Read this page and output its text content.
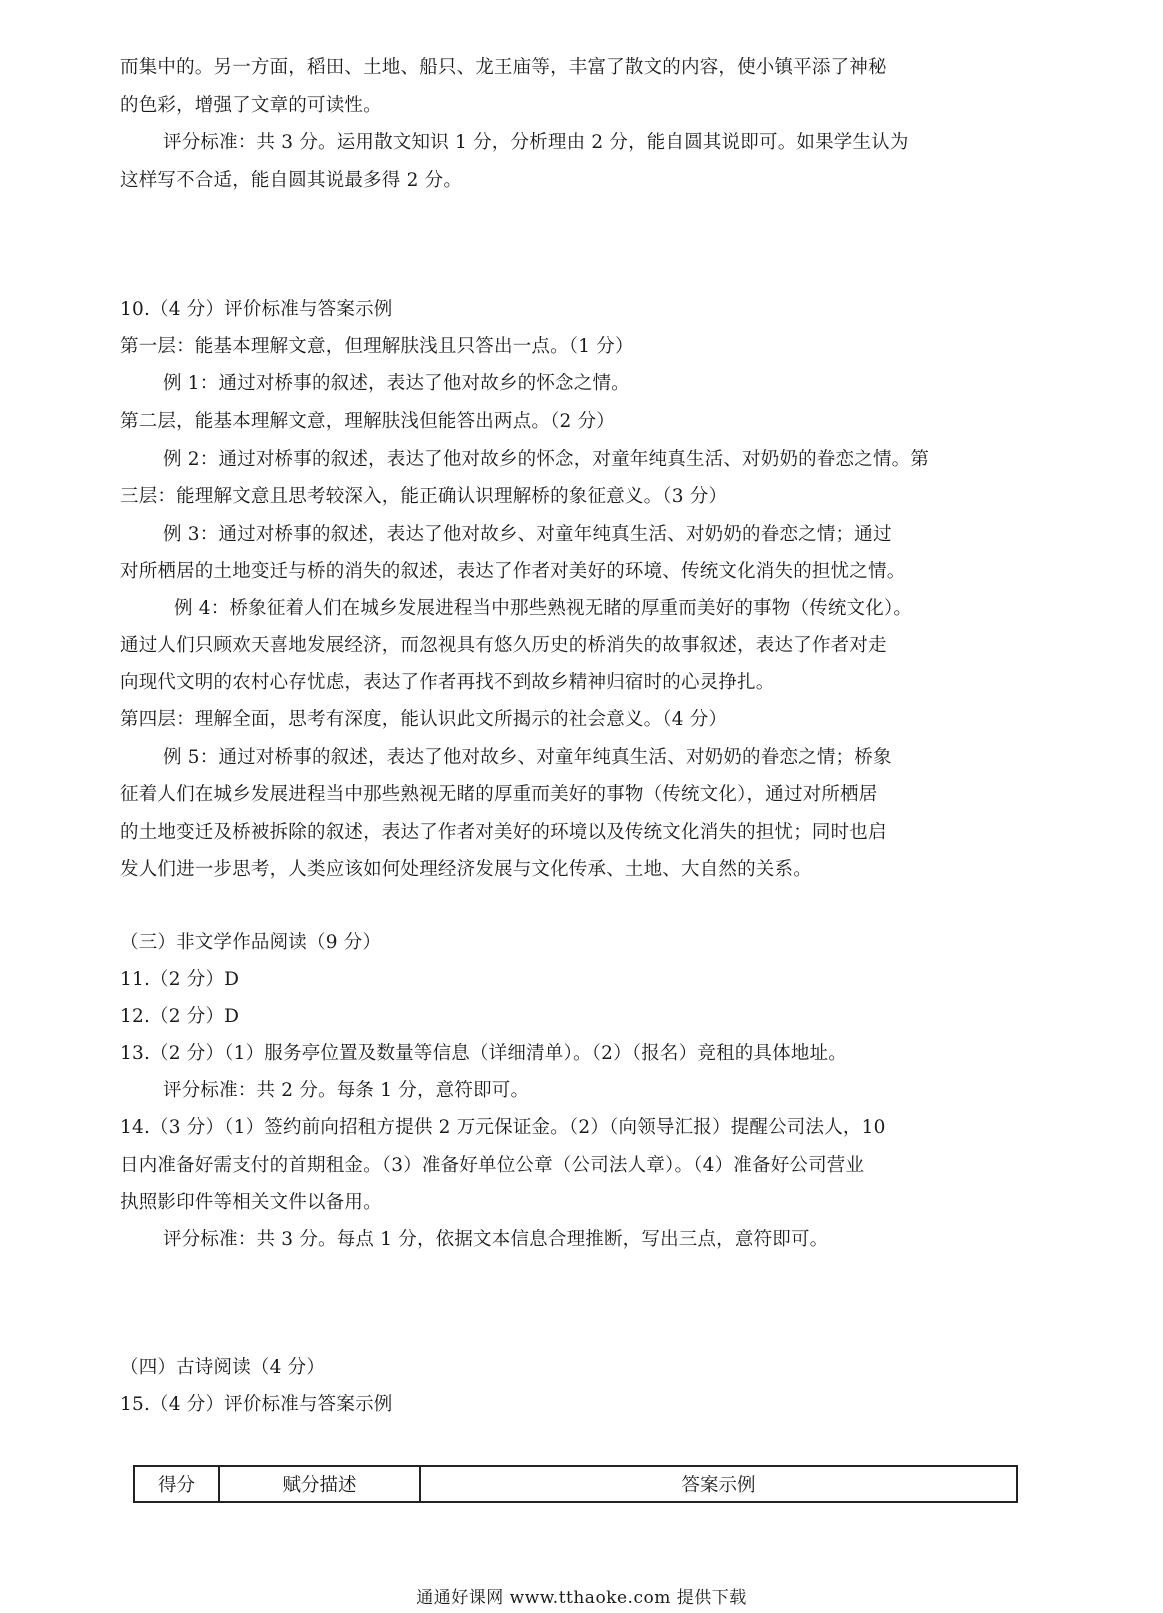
而集中的。另一方面，稻田、土地、船只、龙王庙等，丰富了散文的内容，使小镇平添了神秘
的色彩，增强了文章的可读性。
评分标准：共 3 分。运用散文知识 1 分，分析理由 2 分，能自圆其说即可。如果学生认为
这样写不合适，能自圆其说最多得 2 分。
10.（4 分）评价标准与答案示例
第一层：能基本理解文意，但理解肤浅且只答出一点。（1 分）
例 1：通过对桥事的叙述，表达了他对故乡的怀念之情。
第二层，能基本理解文意，理解肤浅但能答出两点。（2 分）
例 2：通过对桥事的叙述，表达了他对故乡的怀念，对童年纯真生活、对奶奶的眷恋之情。第
三层：能理解文意且思考较深入，能正确认识理解桥的象征意义。（3 分）
例 3：通过对桥事的叙述，表达了他对故乡、对童年纯真生活、对奶奶的眷恋之情；通过
对所栖居的土地变迁与桥的消失的叙述，表达了作者对美好的环境、传统文化消失的担忧之情。
例 4：桥象征着人们在城乡发展进程当中那些熟视无睹的厚重而美好的事物（传统文化）。
通过人们只顾欢天喜地发展经济，而忽视具有悠久历史的桥消失的故事叙述，表达了作者对走
向现代文明的农村心存忧虑，表达了作者再找不到故乡精神归宿时的心灵挣扎。
第四层：理解全面，思考有深度，能认识此文所揭示的社会意义。（4 分）
例 5：通过对桥事的叙述，表达了他对故乡、对童年纯真生活、对奶奶的眷恋之情；桥象
征着人们在城乡发展进程当中那些熟视无睹的厚重而美好的事物（传统文化），通过对所栖居
的土地变迁及桥被拆除的叙述，表达了作者对美好的环境以及传统文化消失的担忧；同时也启
发人们进一步思考，人类应该如何处理经济发展与文化传承、土地、大自然的关系。
（三）非文学作品阅读（9 分）
11.（2 分）D
12.（2 分）D
13.（2 分）（1）服务亭位置及数量等信息（详细清单）。（2）（报名）竞租的具体地址。
评分标准：共 2 分。每条 1 分，意符即可。
14.（3 分）（1）签约前向招租方提供 2 万元保证金。（2）（向领导汇报）提醒公司法人，10
日内准备好需支付的首期租金。（3）准备好单位公章（公司法人章）。（4）准备好公司营业
执照影印件等相关文件以备用。
评分标准：共 3 分。每点 1 分，依据文本信息合理推断，写出三点，意符即可。
（四）古诗阅读（4 分）
15.（4 分）评价标准与答案示例
得分	赋分描述	答案示例
通通好课网 www.tthaoke.com 提供下载
